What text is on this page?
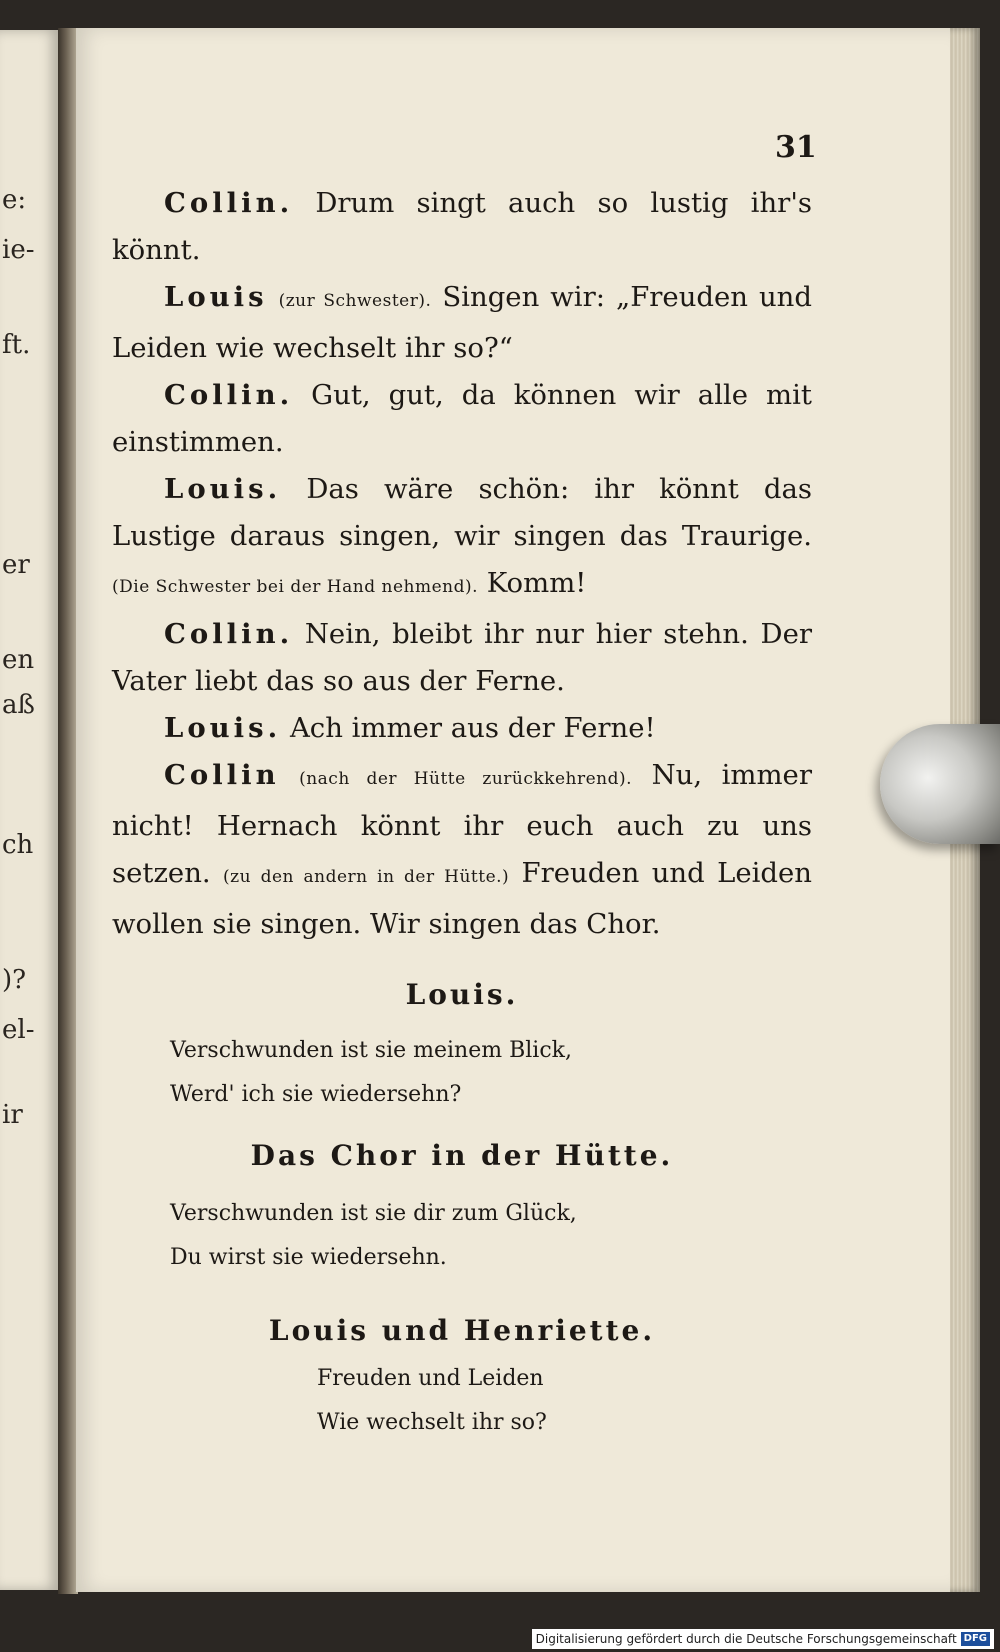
e:
ie-
ft.
er
en
aß
ch
)?
el-
ir
31

Collin. Drum singt auch so lustig ihr's könnt.

Louis (zur Schwester). Singen wir: „Freuden und Leiden wie wechselt ihr so?“

Collin. Gut, gut, da können wir alle mit einstimmen.

Louis. Das wäre schön: ihr könnt das Lustige daraus singen, wir singen das Traurige. (Die Schwester bei der Hand nehmend). Komm!

Collin. Nein, bleibt ihr nur hier stehn. Der Vater liebt das so aus der Ferne.

Louis. Ach immer aus der Ferne!

Collin (nach der Hütte zurückkehrend). Nu, immer nicht! Hernach könnt ihr euch auch zu uns setzen. (zu den andern in der Hütte.) Freuden und Leiden wollen sie singen. Wir singen das Chor.

Louis.

Verschwunden ist sie meinem Blick,

Werd' ich sie wiedersehn?

Das Chor in der Hütte.

Verschwunden ist sie dir zum Glück,

Du wirst sie wiedersehn.

Louis und Henriette.

Freuden und Leiden

Wie wechselt ihr so?

Digitalisierung gefördert durch die Deutsche Forschungsgemeinschaft DFG
